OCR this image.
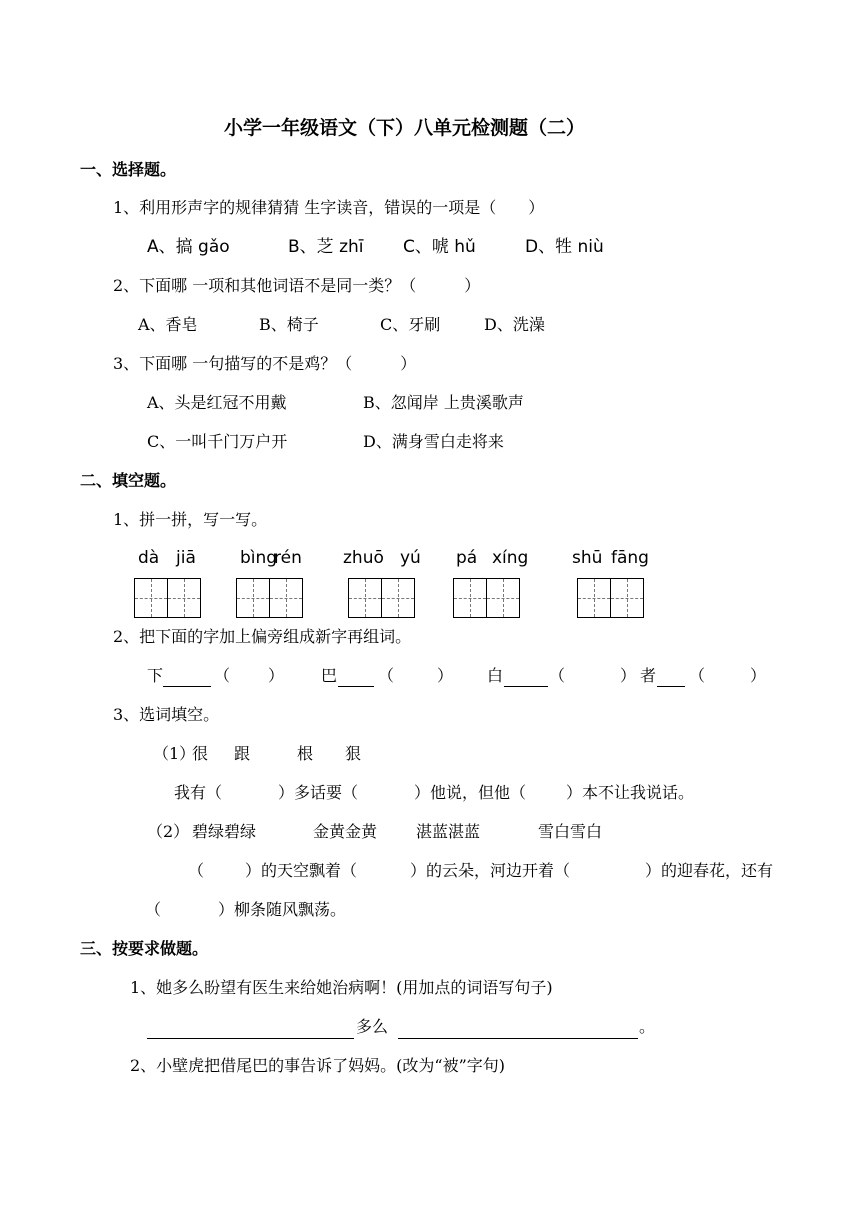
小学一年级语文（下）八单元检测题（二）
一、选择题。
1、利用形声字的规律猜猜 生字读音，错误的一项是（　　）
A、搞 gǎo	B、芝 zhī C、唬 hǔ	D、牲 niù
2、下面哪 一项和其他词语不是同一类？（　　　）
A、香皂	B、椅子	C、牙刷	D、洗澡
3、下面哪 一句描写的不是鸡？（　　　）
A、头是红冠不用戴	B、忽闻岸 上贵溪歌声
C、一叫千门万户开	D、满身雪白走将来
二、填空题。
1、拼一拼，写一写。
dà jiā	bìng
rén zhuō yú pá xíng	shū fāng
2、把下面的字加上偏旁组成新字再组词。
下	（ ） 巴	（	） 白	（	） 者 （	）
3、选词填空。
（1）
很 跟	根 狠
我有（	）多话要（	）他说，但他（ ）本不让我说话。
（2） 碧绿碧绿	金黄金黄 湛蓝湛蓝	雪白雪白
（	）的天空飘着（	）的云朵，河边开着（	）的迎春花，还有
（	）柳条随风飘荡。
三、按要求做题。
1、她多么盼望有医生来给她治病啊！(用加点的词语写句子)
多么	。
2、小壁虎把借尾巴的事告诉了妈妈。(改为“被”字句)
